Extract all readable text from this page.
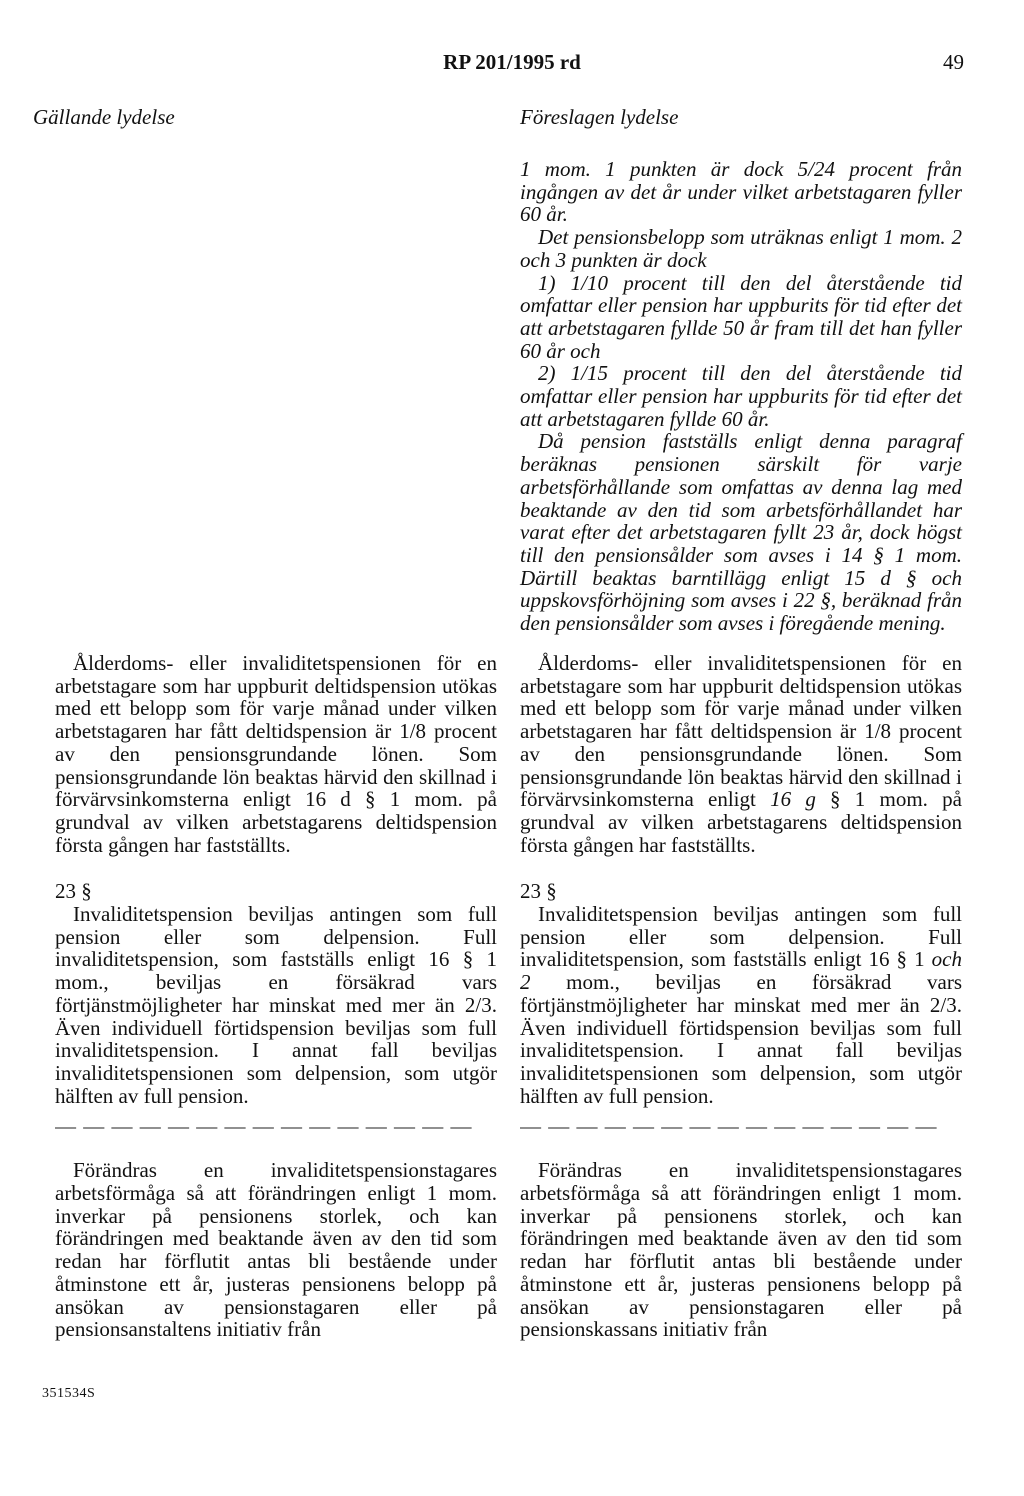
RP 201/1995 rd	49
Gällande lydelse	Föreslagen lydelse

1 mom. 1 punkten är dock 5/24 procent från ingången av det år under vilket arbetstagaren fyller 60 år.

Det pensionsbelopp som uträknas enligt 1 mom. 2 och 3 punkten är dock

1) 1/10 procent till den del återstående tid omfattar eller pension har uppburits för tid efter det att arbetstagaren fyllde 50 år fram till det han fyller 60 år och

2) 1/15 procent till den del återstående tid omfattar eller pension har uppburits för tid efter det att arbetstagaren fyllde 60 år.

Då pension fastställs enligt denna paragraf beräknas pensionen särskilt för varje arbetsförhållande som omfattas av denna lag med beaktande av den tid som arbetsförhållandet har varat efter det arbetstagaren fyllt 23 år, dock högst till den pensionsålder som avses i 14 § 1 mom. Därtill beaktas barntillägg enligt 15 d § och uppskovsförhöjning som avses i 22 §, beräknad från den pensionsålder som avses i föregående mening.

Ålderdoms- eller invaliditetspensionen för en arbetstagare som har uppburit deltidspension utökas med ett belopp som för varje månad under vilken arbetstagaren har fått deltidspension är 1/8 procent av den pensionsgrundande lönen. Som pensionsgrundande lön beaktas härvid den skillnad i förvärvsinkomsterna enligt 16 d § 1 mom. på grundval av vilken arbetstagarens deltidspension första gången har fastställts.

23 §

Invaliditetspension beviljas antingen som full pension eller som delpension. Full invaliditetspension, som fastställs enligt 16 § 1 mom., beviljas en försäkrad vars förtjänstmöjligheter har minskat med mer än 2/3. Även individuell förtidspension beviljas som full invaliditetspension. I annat fall beviljas invaliditetspensionen som delpension, som utgör hälften av full pension.

— — — — — — — — — — — — — — —

Förändras en invaliditetspensionstagares arbetsförmåga så att förändringen enligt 1 mom. inverkar på pensionens storlek, och kan förändringen med beaktande även av den tid som redan har förflutit antas bli bestående under åtminstone ett år, justeras pensionens belopp på ansökan av pensionstagaren eller på pensionsanstaltens initiativ från

Ålderdoms- eller invaliditetspensionen för en arbetstagare som har uppburit deltidspension utökas med ett belopp som för varje månad under vilken arbetstagaren har fått deltidspension är 1/8 procent av den pensionsgrundande lönen. Som pensionsgrundande lön beaktas härvid den skillnad i förvärvsinkomsterna enligt 16 g § 1 mom. på grundval av vilken arbetstagarens deltidspension första gången har fastställts.

23 §

Invaliditetspension beviljas antingen som full pension eller som delpension. Full invaliditetspension, som fastställs enligt 16 § 1 och 2 mom., beviljas en försäkrad vars förtjänstmöjligheter har minskat med mer än 2/3. Även individuell förtidspension beviljas som full invaliditetspension. I annat fall beviljas invaliditetspensionen som delpension, som utgör hälften av full pension.

— — — — — — — — — — — — — — —

Förändras en invaliditetspensionstagares arbetsförmåga så att förändringen enligt 1 mom. inverkar på pensionens storlek, och kan förändringen med beaktande även av den tid som redan har förflutit antas bli bestående under åtminstone ett år, justeras pensionens belopp på ansökan av pensionstagaren eller på pensionskassans initiativ från

351534S
